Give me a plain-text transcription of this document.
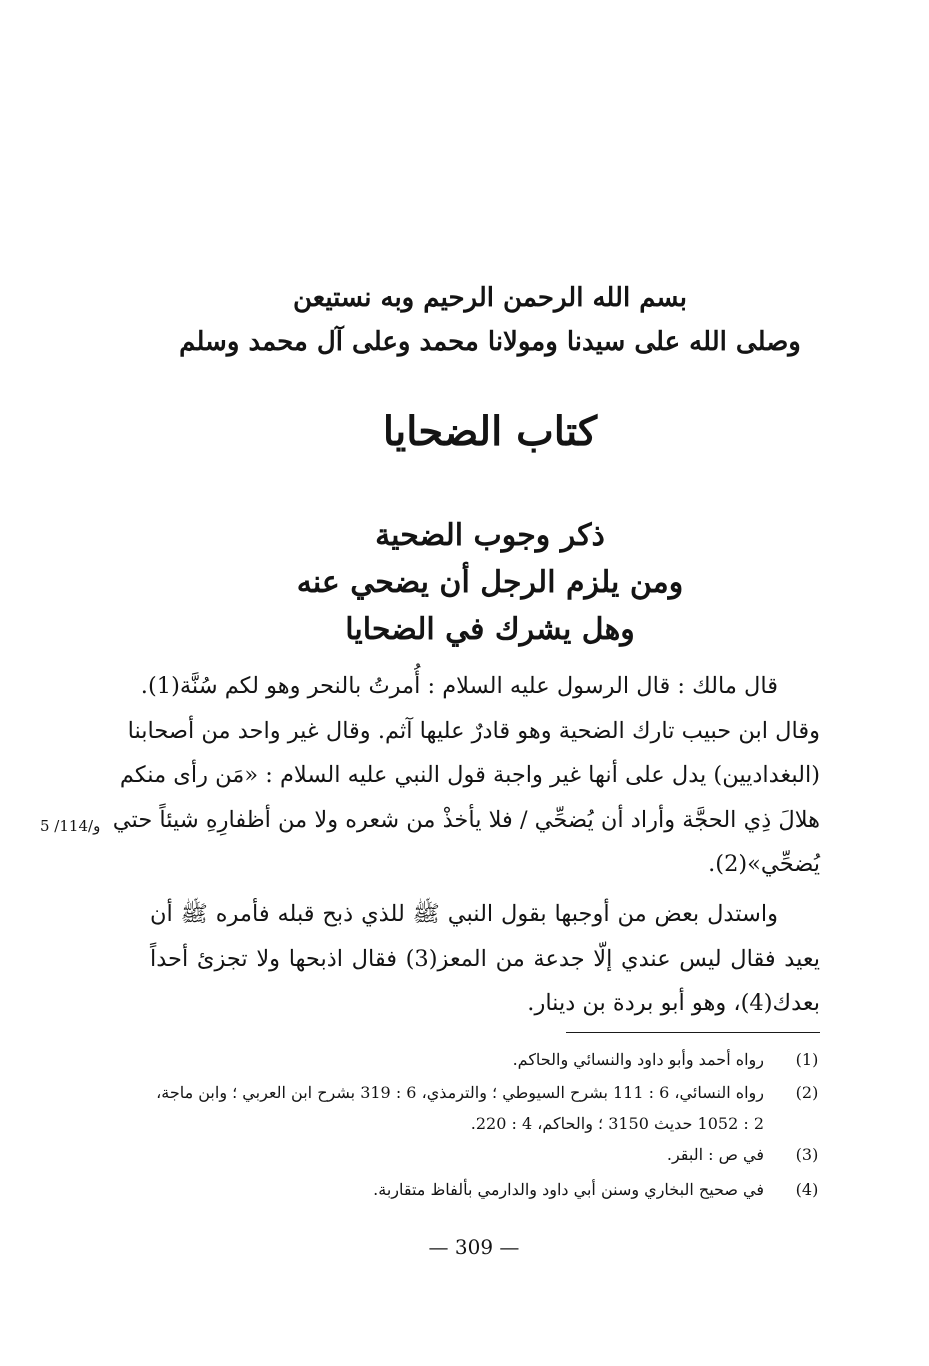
بسم الله الرحمن الرحيم وبه نستيعن
وصلى الله على سيدنا ومولانا محمد وعلى آل محمد وسلم
كتاب الضحايا
ذكر وجوب الضحية
ومن يلزم الرجل أن يضحي عنه
وهل يشرك في الضحايا
قال مالك : قال الرسول عليه السلام : أُمرتُ بالنحر وهو لكم سُنَّة(1).
وقال ابن حبيب تارك الضحية وهو قادرٌ عليها آثم. وقال غير واحد من أصحابنا
(البغداديين) يدل على أنها غير واجبة قول النبي عليه السلام : «مَن رأى منكم
هلالَ ذِي الحجَّة وأراد أن يُضحِّي / فلا يأخذْ من شعره ولا من أظفارِهِ شيئاً حتي
يُضحِّي»(2).
5 /114/و
واستدل بعض من أوجبها بقول النبي ﷺ للذي ذبح قبله فأمره ﷺ أن
يعيد فقال ليس عندي إلّا جدعة من المعز(3) فقال اذبحها ولا تجزئ أحداً
بعدك(4)، وهو أبو بردة بن دينار.
(1)
رواه أحمد وأبو داود والنسائي والحاكم.
(2)
رواه النسائي، 6 : 111 بشرح السيوطي ؛ والترمذي، 6 : 319 بشرح ابن العربي ؛ وابن ماجة،
2 : 1052 حديث 3150 ؛ والحاكم، 4 : 220.
(3)
في ص : البقر.
(4)
في صحيح البخاري وسنن أبي داود والدارمي بألفاظ متقاربة.
— 309 —
